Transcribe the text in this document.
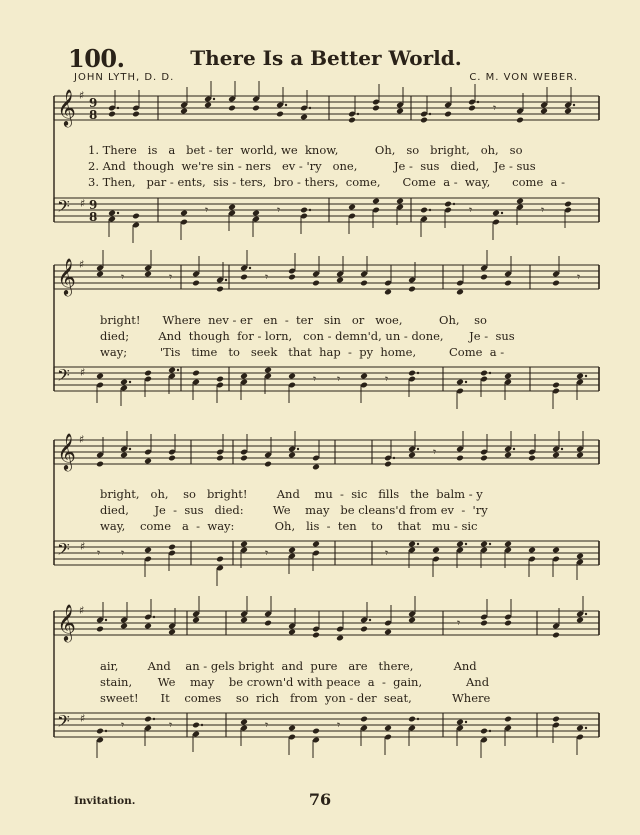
100.	There Is a Better World.
JOHN LYTH, D. D.	C. M. VON WEBER.
𝄞 ♯
9
8	𝄾
𝄢 ♯ 9
8	𝄾	𝄾	𝄾	𝄾
1. There   is   a   bet - ter  world, we  know,          Oh,   so   bright,   oh,   so
2. And  though  we're sin - ners   ev - 'ry   one,          Je -  sus   died,    Je - sus
3. Then,   par - ents,  sis - ters,  bro - thers,  come,      Come  a -  way,      come  a -
𝄞 ♯
𝄾	𝄾	𝄾	𝄾
𝄢 ♯	𝄾 𝄾	𝄾
bright!      Where  nev - er   en  -  ter   sin   or   woe,          Oh,    so
died;        And  though  for - lorn,   con - demn'd, un - done,       Je -  sus
way;         'Tis   time   to   seek   that  hap  -  py  home,         Come  a -
𝄞 ♯
𝄾
𝄢 ♯ 𝄾 𝄾	𝄾	𝄾
bright,   oh,    so   bright!        And    mu  -  sic   fills   the  balm - y
died,       Je  -  sus   died:        We    may   be cleans'd from ev  -  'ry
way,    come   a  -  way:           Oh,   lis  -  ten    to    that   mu - sic
𝄞 ♯
𝄾
𝄢 ♯	𝄾	𝄾	𝄾	𝄾
air,        And    an - gels bright  and  pure   are   there,           And
stain,       We    may    be crown'd with peace  a  -  gain,            And
sweet!      It    comes    so  rich   from  yon - der  seat,           Where
Invitation.	76
